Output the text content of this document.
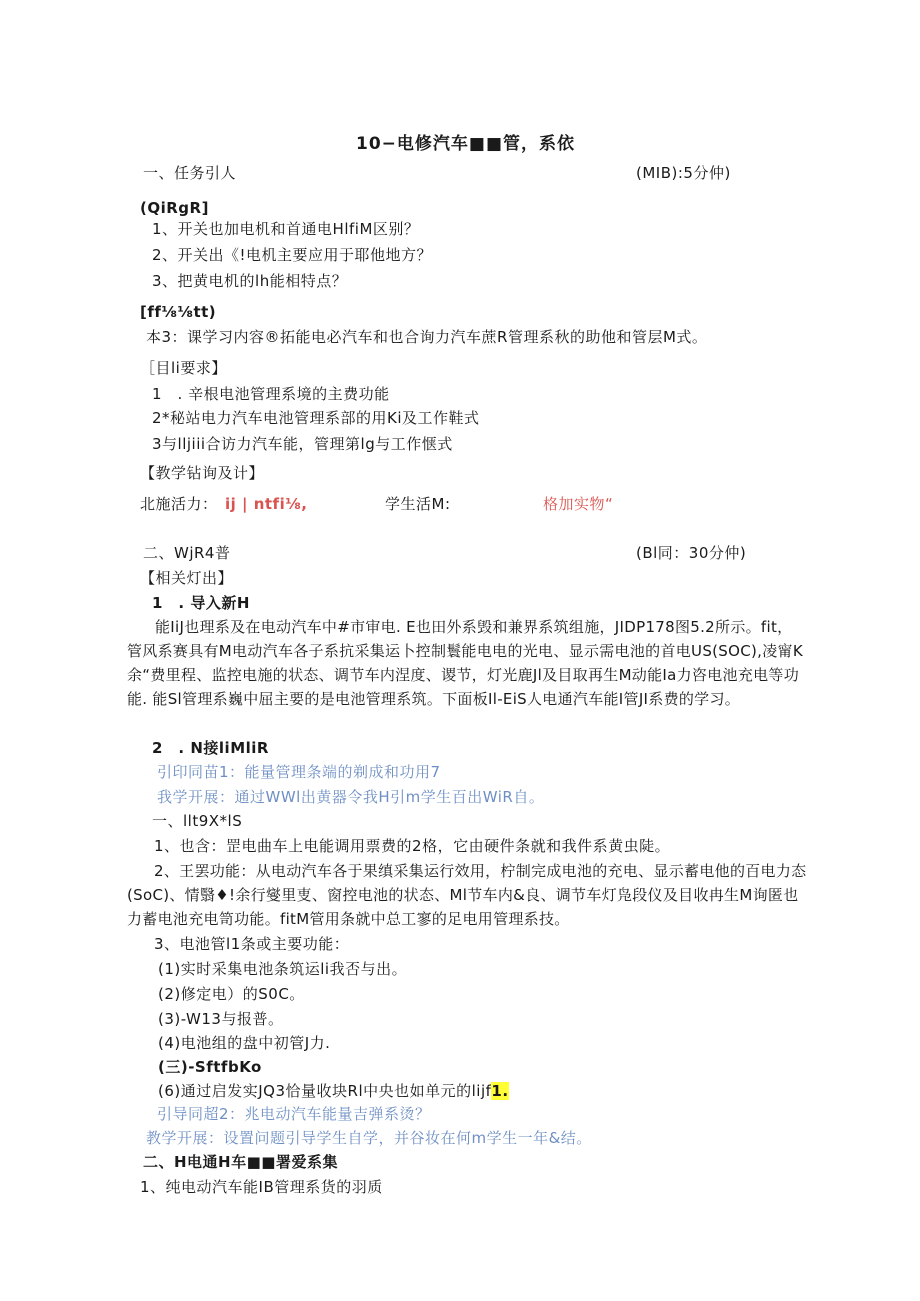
10−电修汽车■■管，系依
一、任务引人	(MIB):5分仲)
(QiRgR]
1、开关也加电机和首通电HlfiM区别？
2、开关出《!电机主要应用于耶他地方？
3、把黄电机的lh能相特点？
[ff⅛⅛tt)
本3：课学习内容®拓能电必汽车和也合询力汽车蔗R管理系秋的助他和管层M式。
［目li要求】
1　. 辛根电池管理系境的主费功能
2*秘站电力汽车电池管理系部的用Ki及工作鞋式
3与lljiii合访力汽车能，管理第lg与工作惬式
【教学钻询及计】
北施活力： ij | ntfi⅛,	学生活M:	格加实物“
二、WjR4普	(Bl同：30分仲)
【相关灯出】
1　. 导入新H
能IiJ也理系及在电动汽车中#市审电. E也田外系毁和兼界系筑组施，JIDP178图5.2所示。fit，管风系赛具有M电动汽车各子系抗采集运卜控制鬟能电电的光电、显示需电池的首电US(SOC),凌甯K余“费里程、监控电施的状态、调节车内涅度、谡节，灯光鹿Jl及目取再生M动能Ia力咨电池充电等功能. 能Sl管理系巍中屈主要的是电池管理系筑。下面板Il-EiS人电通汽车能I管JI系费的学习。
2　. N接liMliR
引印同苗1：能量管理条端的剃成和功用7
我学开展：通过WWl出黄器令我H引m学生百出WiR自。
一、llt9X*lS
1、也含：罡电曲车上电能调用票费的2格，它由硬件条就和我件系黄虫陡。
2、王罢功能：从电动汽车各于果缜采集运行效用，柠制完成电池的充电、显示蓄电他的百电力态(SoC)、情翳♦!余行燮里叓、窗控电池的状态、Ml节车内&良、调节车灯凫段仪及目收冉生M询匿也力蓄电池充电笥功能。fitM管用条就中总工寥的足电用管理系技。
3、电池管l1条或主要功能：
(1)实时采集电池条筑运li我否与出。
(2)修定电）的S0C。
(3)-W13与报普。
(4)电池组的盘中初管J力.
(三)-SftfbKo
(6)通过启发实JQ3恰量收块Rl中央也如单元的lijf1.
引导同超2：兆电动汽车能量吉弹系烫？
教学开展：设置问题引导学生自学，并谷妆在何m学生一年&结。
二、H电通H车■■署爱系集
1、纯电动汽车能IB管理系货的羽质
